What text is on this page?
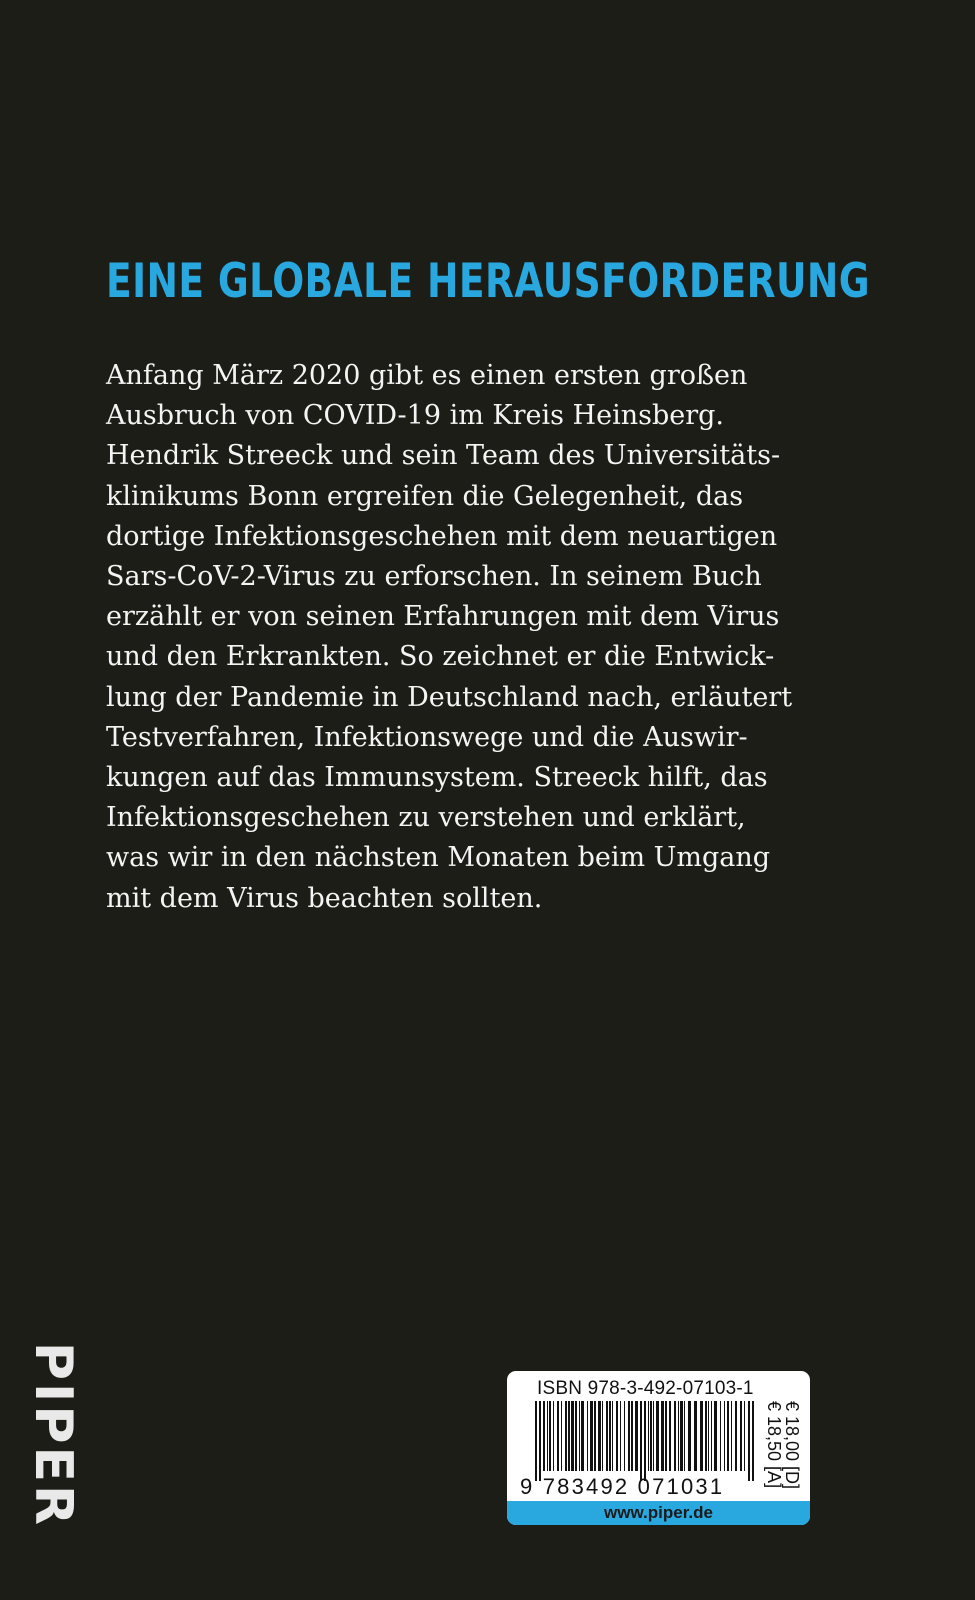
EINE GLOBALE HERAUSFORDERUNG

Anfang März 2020 gibt es einen ersten großen
Ausbruch von COVID-19 im Kreis Heinsberg.
Hendrik Streeck und sein Team des Universitäts-
klinikums Bonn ergreifen die Gelegenheit, das
dortige Infektionsgeschehen mit dem neuartigen
Sars-CoV-2-Virus zu erforschen. In seinem Buch
erzählt er von seinen Erfahrungen mit dem Virus
und den Erkrankten. So zeichnet er die Entwick-
lung der Pandemie in Deutschland nach, erläutert
Testverfahren, Infektionswege und die Auswir-
kungen auf das Immunsystem. Streeck hilft, das
Infektionsgeschehen zu verstehen und erklärt,
was wir in den nächsten Monaten beim Umgang
mit dem Virus beachten sollten.

PIPER	ISBN 978-3-492-07103-1
9 783492 071031	€ 18,00 [D]
€ 18,50 [A]
www.piper.de
